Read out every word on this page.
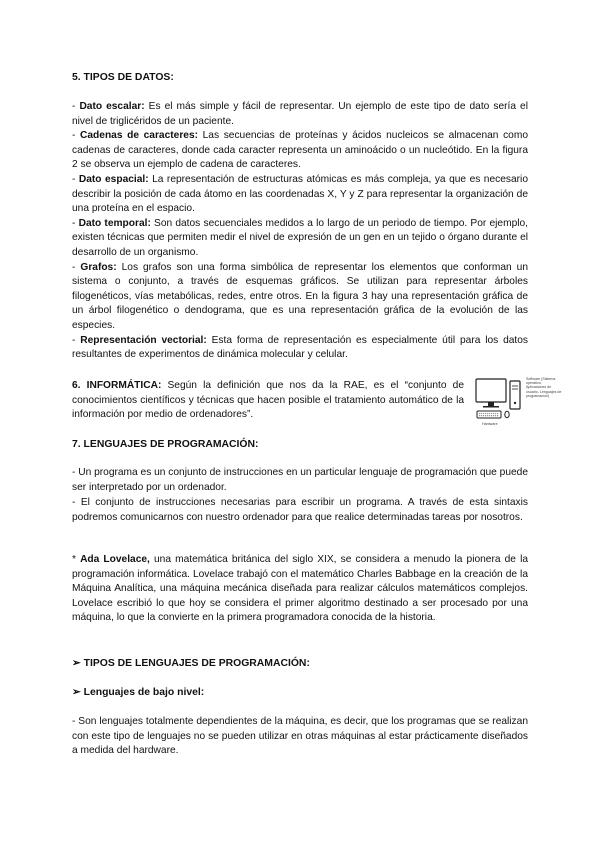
5. TIPOS DE DATOS:
- Dato escalar: Es el más simple y fácil de representar. Un ejemplo de este tipo de dato sería el nivel de triglicéridos de un paciente.
- Cadenas de caracteres: Las secuencias de proteínas y ácidos nucleicos se almacenan como cadenas de caracteres, donde cada caracter representa un aminoácido o un nucleótido. En la figura 2 se observa un ejemplo de cadena de caracteres.
- Dato espacial: La representación de estructuras atómicas es más compleja, ya que es necesario describir la posición de cada átomo en las coordenadas X, Y y Z para representar la organización de una proteína en el espacio.
- Dato temporal: Son datos secuenciales medidos a lo largo de un periodo de tiempo. Por ejemplo, existen técnicas que permiten medir el nivel de expresión de un gen en un tejido o órgano durante el desarrollo de un organismo.
- Grafos: Los grafos son una forma simbólica de representar los elementos que conforman un sistema o conjunto, a través de esquemas gráficos. Se utilizan para representar árboles filogenéticos, vías metabólicas, redes, entre otros. En la figura 3 hay una representación gráfica de un árbol filogenético o dendograma, que es una representación gráfica de la evolución de las especies.
- Representación vectorial: Esta forma de representación es especialmente útil para los datos resultantes de experimentos de dinámica molecular y celular.
6. INFORMÁTICA: Según la definición que nos da la RAE, es el “conjunto de conocimientos científicos y técnicas que hacen posible el tratamiento automático de la información por medio de ordenadores”.
Software (Sistema operativo, Aplicaciones de usuario, Lenguajes de programación)
Hardware
7. LENGUAJES DE PROGRAMACIÓN:
- Un programa es un conjunto de instrucciones en un particular lenguaje de programación que puede ser interpretado por un ordenador.
- El conjunto de instrucciones necesarias para escribir un programa. A través de esta sintaxis podremos comunicarnos con nuestro ordenador para que realice determinadas tareas por nosotros.
* Ada Lovelace, una matemática británica del siglo XIX, se considera a menudo la pionera de la programación informática. Lovelace trabajó con el matemático Charles Babbage en la creación de la Máquina Analítica, una máquina mecánica diseñada para realizar cálculos matemáticos complejos. Lovelace escribió lo que hoy se considera el primer algoritmo destinado a ser procesado por una máquina, lo que la convierte en la primera programadora conocida de la historia.
➢ TIPOS DE LENGUAJES DE PROGRAMACIÓN:
➢ Lenguajes de bajo nivel:
- Son lenguajes totalmente dependientes de la máquina, es decir, que los programas que se realizan con este tipo de lenguajes no se pueden utilizar en otras máquinas al estar prácticamente diseñados a medida del hardware.
